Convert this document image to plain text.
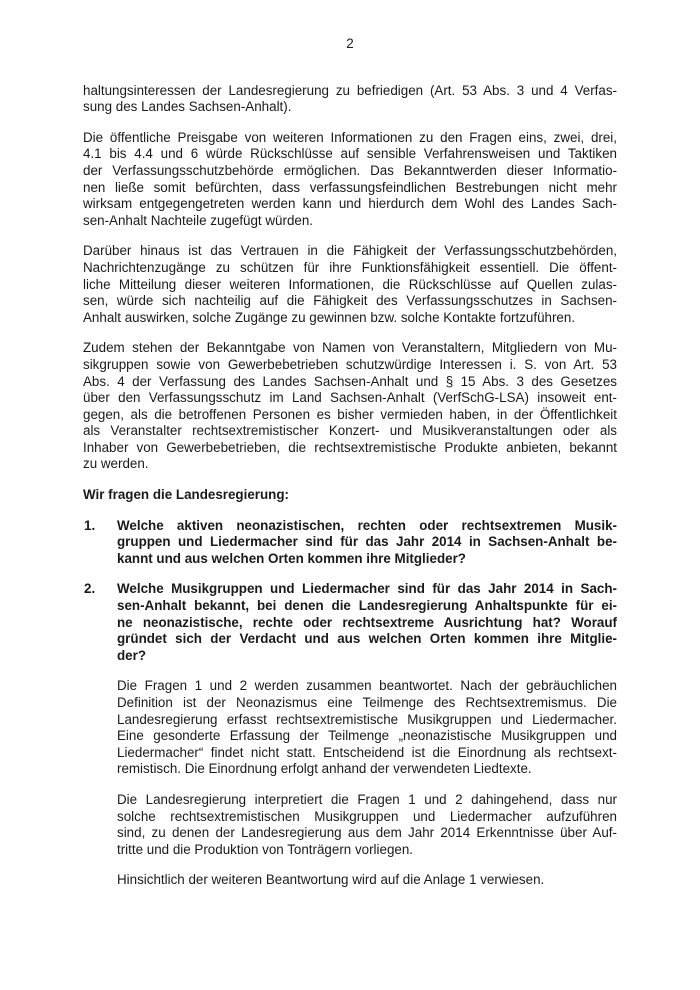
2
haltungsinteressen der Landesregierung zu befriedigen (Art. 53 Abs. 3 und 4 Verfas-
sung des Landes Sachsen-Anhalt).
Die öffentliche Preisgabe von weiteren Informationen zu den Fragen eins, zwei, drei,
4.1 bis 4.4 und 6 würde Rückschlüsse auf sensible Verfahrensweisen und Taktiken
der Verfassungsschutzbehörde ermöglichen. Das Bekanntwerden dieser Informatio-
nen ließe somit befürchten, dass verfassungsfeindlichen Bestrebungen nicht mehr
wirksam entgegengetreten werden kann und hierdurch dem Wohl des Landes Sach-
sen-Anhalt Nachteile zugefügt würden.
Darüber hinaus ist das Vertrauen in die Fähigkeit der Verfassungsschutzbehörden,
Nachrichtenzugänge zu schützen für ihre Funktionsfähigkeit essentiell. Die öffent-
liche Mitteilung dieser weiteren Informationen, die Rückschlüsse auf Quellen zulas-
sen, würde sich nachteilig auf die Fähigkeit des Verfassungsschutzes in Sachsen-
Anhalt auswirken, solche Zugänge zu gewinnen bzw. solche Kontakte fortzuführen.
Zudem stehen der Bekanntgabe von Namen von Veranstaltern, Mitgliedern von Mu-
sikgruppen sowie von Gewerbebetrieben schutzwürdige Interessen i. S. von Art. 53
Abs. 4 der Verfassung des Landes Sachsen-Anhalt und § 15 Abs. 3 des Gesetzes
über den Verfassungsschutz im Land Sachsen-Anhalt (VerfSchG-LSA) insoweit ent-
gegen, als die betroffenen Personen es bisher vermieden haben, in der Öffentlichkeit
als Veranstalter rechtsextremistischer Konzert- und Musikveranstaltungen oder als
Inhaber von Gewerbebetrieben, die rechtsextremistische Produkte anbieten, bekannt
zu werden.
Wir fragen die Landesregierung:
1. Welche aktiven neonazistischen, rechten oder rechtsextremen Musik-
gruppen und Liedermacher sind für das Jahr 2014 in Sachsen-Anhalt be-
kannt und aus welchen Orten kommen ihre Mitglieder?
2. Welche Musikgruppen und Liedermacher sind für das Jahr 2014 in Sach-
sen-Anhalt bekannt, bei denen die Landesregierung Anhaltspunkte für ei-
ne neonazistische, rechte oder rechtsextreme Ausrichtung hat? Worauf
gründet sich der Verdacht und aus welchen Orten kommen ihre Mitglie-
der?
Die Fragen 1 und 2 werden zusammen beantwortet. Nach der gebräuchlichen
Definition ist der Neonazismus eine Teilmenge des Rechtsextremismus. Die
Landesregierung erfasst rechtsextremistische Musikgruppen und Liedermacher.
Eine gesonderte Erfassung der Teilmenge „neonazistische Musikgruppen und
Liedermacher“ findet nicht statt. Entscheidend ist die Einordnung als rechtsext-
remistisch. Die Einordnung erfolgt anhand der verwendeten Liedtexte.
Die Landesregierung interpretiert die Fragen 1 und 2 dahingehend, dass nur
solche rechtsextremistischen Musikgruppen und Liedermacher aufzuführen
sind, zu denen der Landesregierung aus dem Jahr 2014 Erkenntnisse über Auf-
tritte und die Produktion von Tonträgern vorliegen.
Hinsichtlich der weiteren Beantwortung wird auf die Anlage 1 verwiesen.
